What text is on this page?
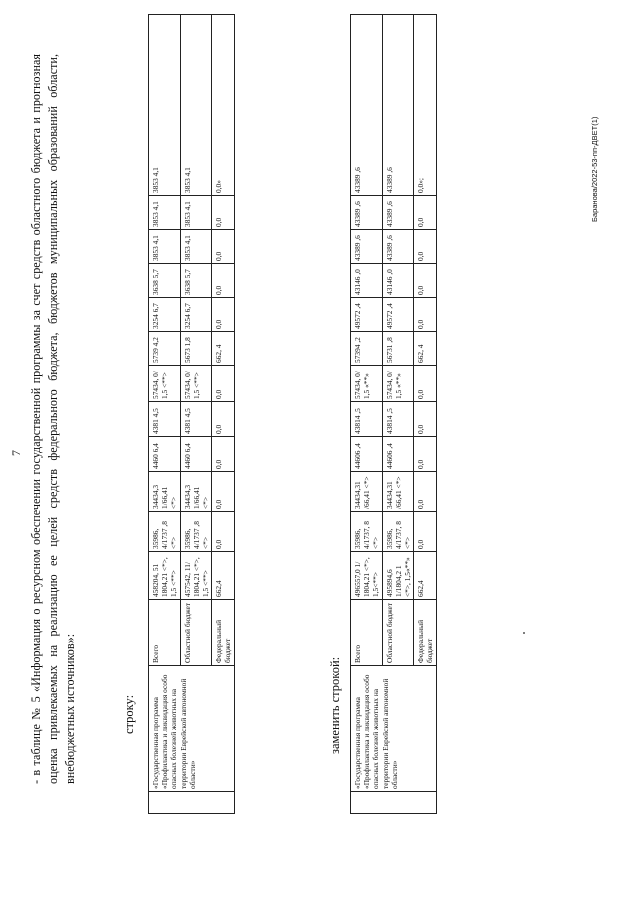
7 - в таблице № 5 «Информация о ресурсном обеспечении государственной программы за счет средств областного бюджета и прогнозная оценка привлекаемых на реализацию ее целей средств федерального бюджета, бюджетов муниципальных образований области, внебюджетных источников»:	строку:
	«Государственная программа «Профилактика и ликвидация особо опасных болезней животных на территории Еврейской автономной области»	Всего	458204, 51 1804,21 <*>, 1,5 <**>	35986, 4/1737 ,8 <*>	34434,3 1/66,41 <*>	4460 6,4	4381 4,5	57434, 0/ 1,5 <**>	5739 4,2	3254 6,7	3638 5,7	3853 4,1	3853 4,1	3853 4,1
		Областной бюджет	457542, 11/ 1804,21 <*>, 1,5 <**>	35986, 4/1737 ,8 <*>	34434,3 1/66,41 <*>	4460 6,4	4381 4,5	57434, 0/ 1,5 <**>	5673 1,8	3254 6,7	3638 5,7	3853 4,1	3853 4,1	3853 4,1
		Федеральный бюджет	662,4	0,0	0,0	0,0	0,0	0,0	662, 4	0,0	0,0	0,0	0,0	0,0»
заменить строкой:
	«Государственная программа «Профилактика и ликвидация особо опасных болезней животных на территории Еврейской автономной области»	Всего	496557,0 1/ 1804,21 <*>, 1,5<**>	35986, 4/1737, 8 <*>	34434,31 /66,41 <*>	44606 ,4	43814 ,5	57434, 0/ 1,5 «**»	57394 ,2	49572 ,4	43146 ,0	43389 ,6	43389 ,6	43389 ,6
		Областной бюджет	495894,6 1/1804,2 1 <*>, 1,5«**»	35986, 4/1737, 8 <*>	34434,31 /66,41 <*>	44606 ,4	43814 ,5	57434, 0/ 1,5 «**»	56731 ,8	49572 ,4	43146 ,0	43389 ,6	43389 ,6	43389 ,6
		Федеральный бюджет	662,4	0,0	0,0	0,0	0,0	0,0	662, 4	0,0	0,0	0,0	0,0	0,0»;	Баранова/2022-53-пп-ДВЕТ(1)
